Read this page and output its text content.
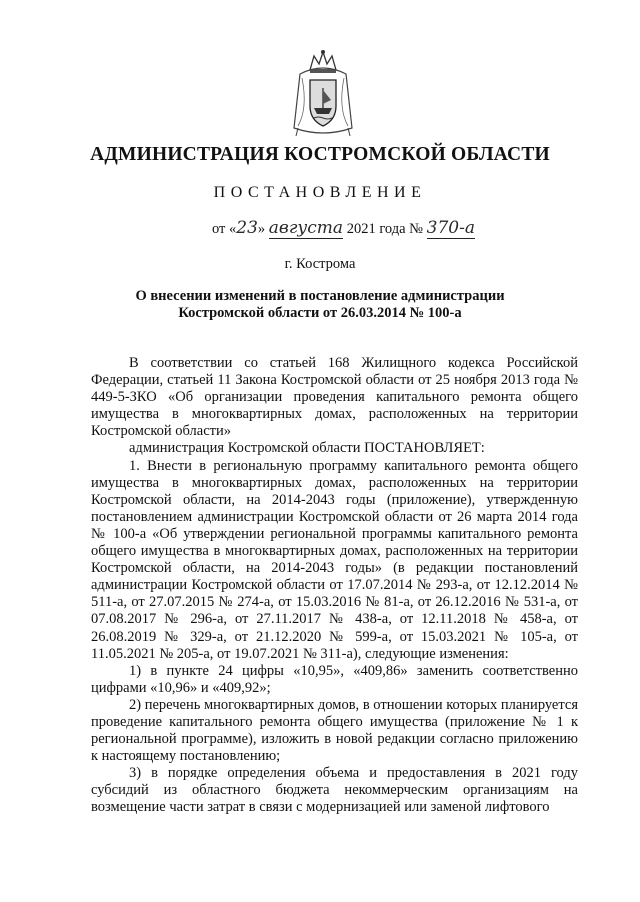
АДМИНИСТРАЦИЯ КОСТРОМСКОЙ ОБЛАСТИ
ПОСТАНОВЛЕНИЕ
от «23» августа 2021 года № 370-а
г. Кострома
О внесении изменений в постановление администрации
Костромской области от 26.03.2014 № 100-а

В соответствии со статьей 168 Жилищного кодекса Российской Федерации, статьей 11 Закона Костромской области от 25 ноября 2013 года № 449-5-ЗКО «Об организации проведения капитального ремонта общего имущества в многоквартирных домах, расположенных на территории Костромской области»

администрация Костромской области ПОСТАНОВЛЯЕТ:

1. Внести в региональную программу капитального ремонта общего имущества в многоквартирных домах, расположенных на территории Костромской области, на 2014-2043 годы (приложение), утвержденную постановлением администрации Костромской области от 26 марта 2014 года № 100-а «Об утверждении региональной программы капитального ремонта общего имущества в многоквартирных домах, расположенных на территории Костромской области, на 2014-2043 годы» (в редакции постановлений администрации Костромской области от 17.07.2014 № 293-а, от 12.12.2014 № 511-а, от 27.07.2015 № 274-а, от 15.03.2016 № 81-а, от 26.12.2016 № 531-а, от 07.08.2017 № 296-а, от 27.11.2017 № 438-а, от 12.11.2018 № 458-а, от 26.08.2019 № 329-а, от 21.12.2020 № 599-а, от 15.03.2021 № 105-а, от 11.05.2021 № 205-а, от 19.07.2021 № 311-а), следующие изменения:

1) в пункте 24 цифры «10,95», «409,86» заменить соответственно цифрами «10,96» и «409,92»;

2) перечень многоквартирных домов, в отношении которых планируется проведение капитального ремонта общего имущества (приложение № 1 к региональной программе), изложить в новой редакции согласно приложению к настоящему постановлению;

3) в порядке определения объема и предоставления в 2021 году субсидий из областного бюджета некоммерческим организациям на возмещение части затрат в связи с модернизацией или заменой лифтового
